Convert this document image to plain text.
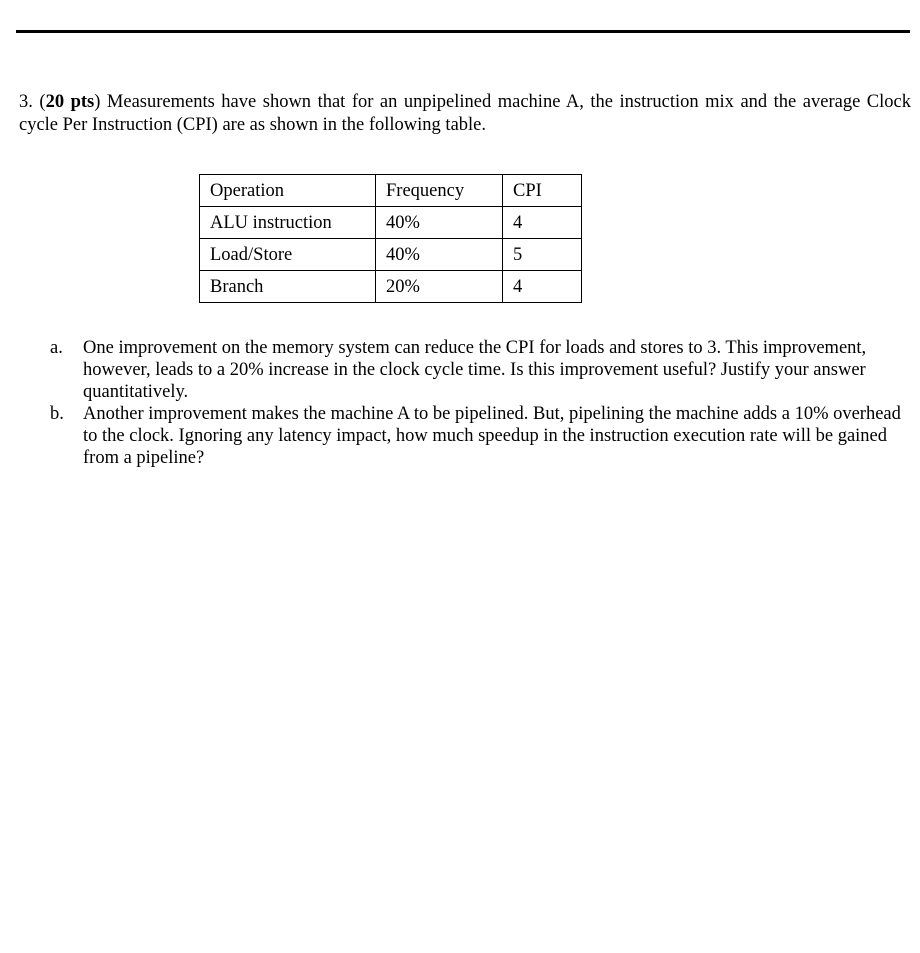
3. (20 pts) Measurements have shown that for an unpipelined machine A, the instruction mix and the average Clock cycle Per Instruction (CPI) are as shown in the following table.

Operation	Frequency	CPI
ALU instruction	40%	4
Load/Store	40%	5
Branch	20%	4
a. One improvement on the memory system can reduce the CPI for loads and stores to 3. This improvement, however, leads to a 20% increase in the clock cycle time. Is this improvement useful? Justify your answer quantitatively.
b. Another improvement makes the machine A to be pipelined. But, pipelining the machine adds a 10% overhead to the clock. Ignoring any latency impact, how much speedup in the instruction execution rate will be gained from a pipeline?
